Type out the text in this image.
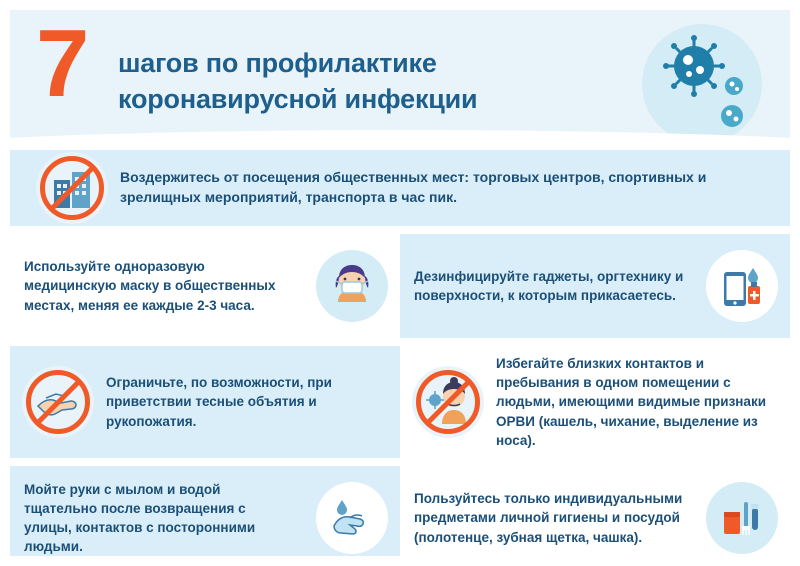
7 шагов по профилактике
коронавирусной инфекции
Воздержитесь от посещения общественных мест: торговых центров, спортивных и зрелищных мероприятий, транспорта в час пик.
Используйте одноразовую медицинскую маску в общественных местах, меняя ее каждые 2-3 часа.
Дезинфицируйте гаджеты, оргтехнику и поверхности, к которым прикасаетесь.
Ограничьте, по возможности, при приветствии тесные объятия и рукопожатия.
Избегайте близких контактов и пребывания в одном помещении с людьми, имеющими видимые признаки ОРВИ (кашель, чихание, выделение из носа).
Мойте руки с мылом и водой тщательно после возвращения с улицы, контактов с посторонними людьми.
Пользуйтесь только индивидуальными предметами личной гигиены и посудой (полотенце, зубная щетка, чашка).
